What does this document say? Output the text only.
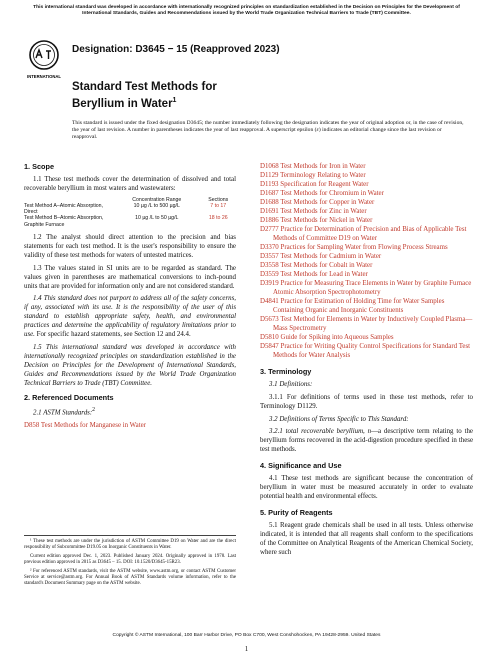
This international standard was developed in accordance with internationally recognized principles on standardization established in the Decision on Principles for the Development of International Standards, Guides and Recommendations issued by the World Trade Organization Technical Barriers to Trade (TBT) Committee.
INTERNATIONAL
Designation: D3645 − 15 (Reapproved 2023)
Standard Test Methods for
Beryllium in Water$^1$
This standard is issued under the fixed designation D3645; the number immediately following the designation indicates the year of original adoption or, in the case of revision, the year of last revision. A number in parentheses indicates the year of last reapproval. A superscript epsilon (ε) indicates an editorial change since the last revision or reapproval.
1. Scope

1.1 These test methods cover the determination of dissolved and total recoverable beryllium in most waters and wastewaters:

	Concentration Range	Sections
Test Method A–Atomic Absorption, Direct	10 µg /L to 500 µg/L	7 to 17
Test Method B–Atomic Absorption, Graphite Furnace	10 µg /L to 50 µg/L	18 to 26

1.2 The analyst should direct attention to the precision and bias statements for each test method. It is the user's responsibility to ensure the validity of these test methods for waters of untested matrices.

1.3 The values stated in SI units are to be regarded as standard. The values given in parentheses are mathematical conversions to inch-pound units that are provided for information only and are not considered standard.

1.4 This standard does not purport to address all of the safety concerns, if any, associated with its use. It is the responsibility of the user of this standard to establish appropriate safety, health, and environmental practices and determine the applicability of regulatory limitations prior to use. For specific hazard statements, see Section 12 and 24.4.

1.5 This international standard was developed in accordance with internationally recognized principles on standardization established in the Decision on Principles for the Development of International Standards, Guides and Recommendations issued by the World Trade Organization Technical Barriers to Trade (TBT) Committee.

2. Referenced Documents

2.1 ASTM Standards:$^2$

D858 Test Methods for Manganese in Water
D1068 Test Methods for Iron in Water
D1129 Terminology Relating to Water
D1193 Specification for Reagent Water
D1687 Test Methods for Chromium in Water
D1688 Test Methods for Copper in Water
D1691 Test Methods for Zinc in Water
D1886 Test Methods for Nickel in Water
D2777 Practice for Determination of Precision and Bias of Applicable Test Methods of Committee D19 on Water
D3370 Practices for Sampling Water from Flowing Process Streams
D3557 Test Methods for Cadmium in Water
D3558 Test Methods for Cobalt in Water
D3559 Test Methods for Lead in Water
D3919 Practice for Measuring Trace Elements in Water by Graphite Furnace Atomic Absorption Spectrophotometry
D4841 Practice for Estimation of Holding Time for Water Samples Containing Organic and Inorganic Constituents
D5673 Test Method for Elements in Water by Inductively Coupled Plasma—Mass Spectrometry
D5810 Guide for Spiking into Aqueous Samples
D5847 Practice for Writing Quality Control Specifications for Standard Test Methods for Water Analysis
3. Terminology

3.1 Definitions:

3.1.1 For definitions of terms used in these test methods, refer to Terminology D1129.

3.2 Definitions of Terms Specific to This Standard:

3.2.1 total recoverable beryllium, n—a descriptive term relating to the beryllium forms recovered in the acid-digestion procedure specified in these test methods.

4. Significance and Use

4.1 These test methods are significant because the concentration of beryllium in water must be measured accurately in order to evaluate potential health and environmental effects.

5. Purity of Reagents

5.1 Reagent grade chemicals shall be used in all tests. Unless otherwise indicated, it is intended that all reagents shall conform to the specifications of the Committee on Analytical Reagents of the American Chemical Society, where such

¹ These test methods are under the jurisdiction of ASTM Committee D19 on Water and are the direct responsibility of Subcommittee D19.05 on Inorganic Constituents in Water.

Current edition approved Dec. 1, 2023. Published January 2024. Originally approved in 1978. Last previous edition approved in 2015 as D3645 – 15. DOI: 10.1520/D3645-15R23.

² For referenced ASTM standards, visit the ASTM website, www.astm.org, or contact ASTM Customer Service at service@astm.org. For Annual Book of ASTM Standards volume information, refer to the standard's Document Summary page on the ASTM website.

Copyright © ASTM International, 100 Barr Harbor Drive, PO Box C700, West Conshohocken, PA 19428-2959. United States
1
